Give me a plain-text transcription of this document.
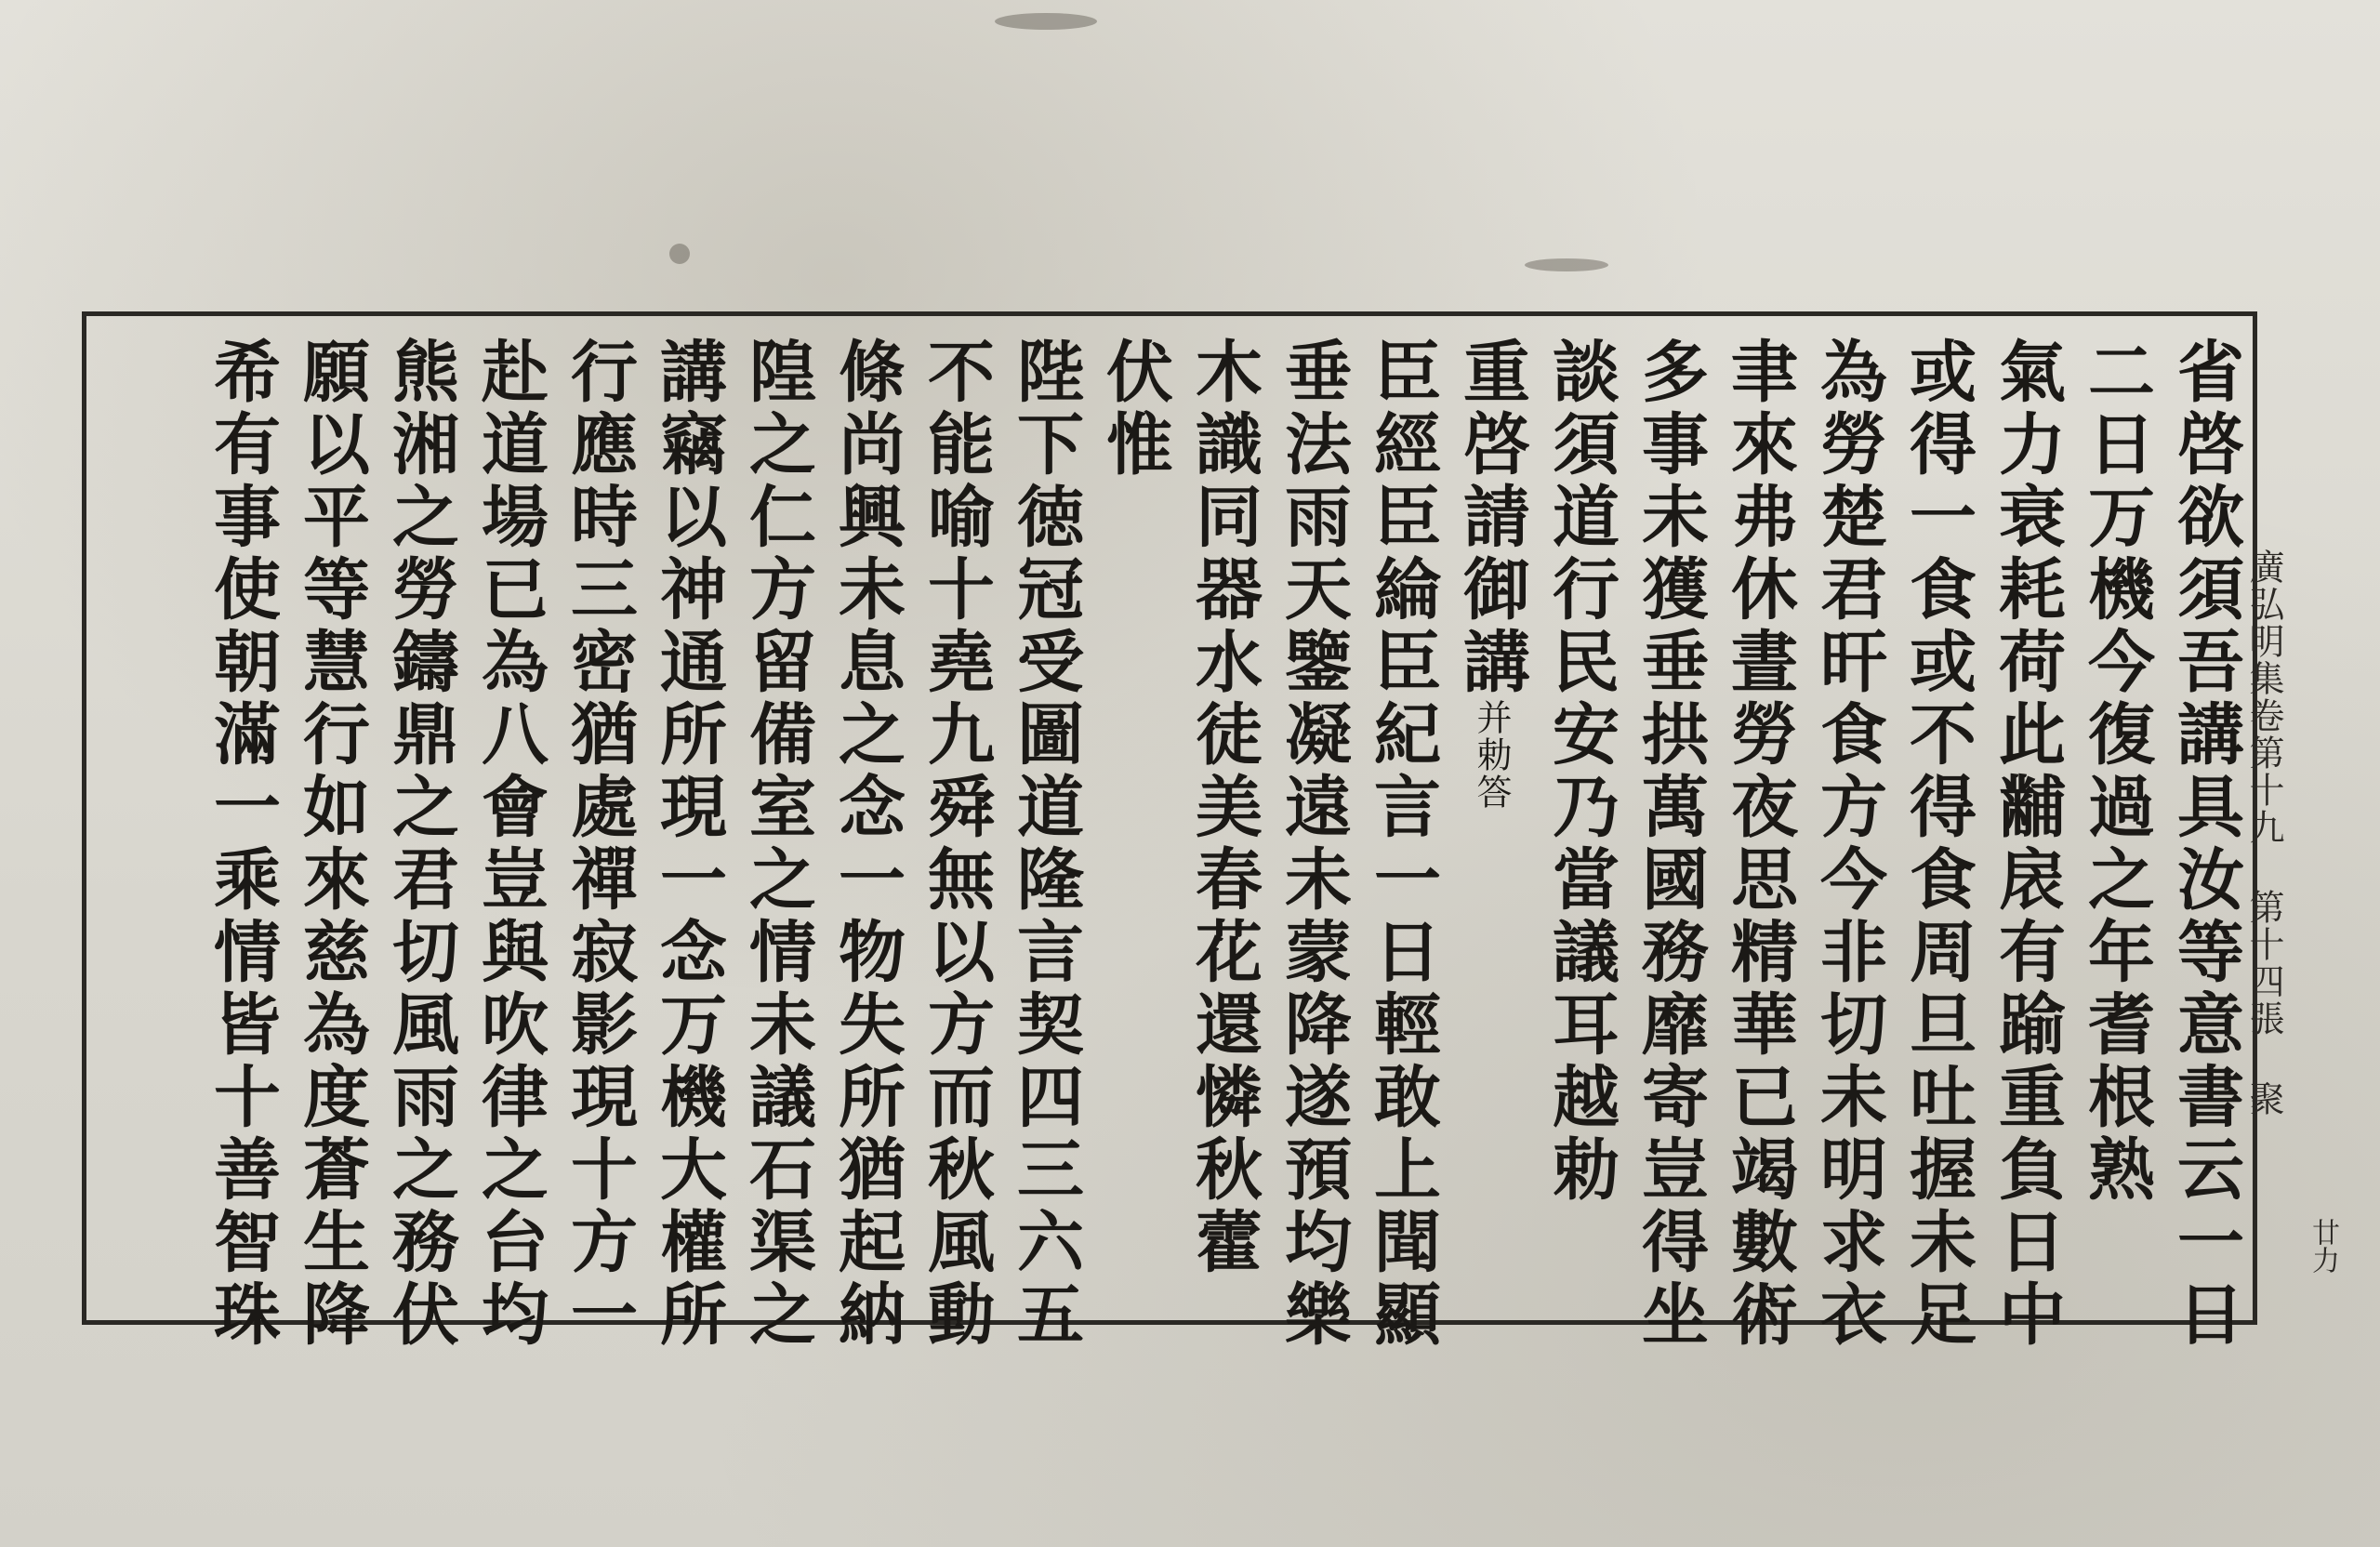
廣弘明集卷第十九 第十四張 聚
廿力
省啓欲須吾講具汝等意書云一日
二日万機今復過之年耆根熟
氣力衰耗荷此黼扆有踰重負日中
或得一食或不得食周旦吐握未足
為勞楚君旰食方今非切未明求衣
聿來弗休晝勞夜思精華已竭數術
多事未獲垂拱萬國務靡寄豈得坐
談須道行民安乃當議耳越勅
重啓請御講并勅答
臣經臣綸臣紀言一日輕敢上聞顯
垂法雨天鑒凝遠未蒙降遂預均樂
木識同器水徒美春花還憐秋藿
伏惟
陛下徳冠受圖道隆言契四三六五
不能喻十堯九舜無以方而秋風動
條尚興未息之念一物失所猶起納
隍之仁方留備室之情未議石渠之
講竊以神通所現一念万機大權所
行應時三密猶處禪寂影現十方一
赴道場已為八會豈與吹律之台均
熊湘之勞鑄鼎之君切風雨之務伏
願以平等慧行如來慈為度蒼生降
希有事使朝滿一乘情皆十善智珠
